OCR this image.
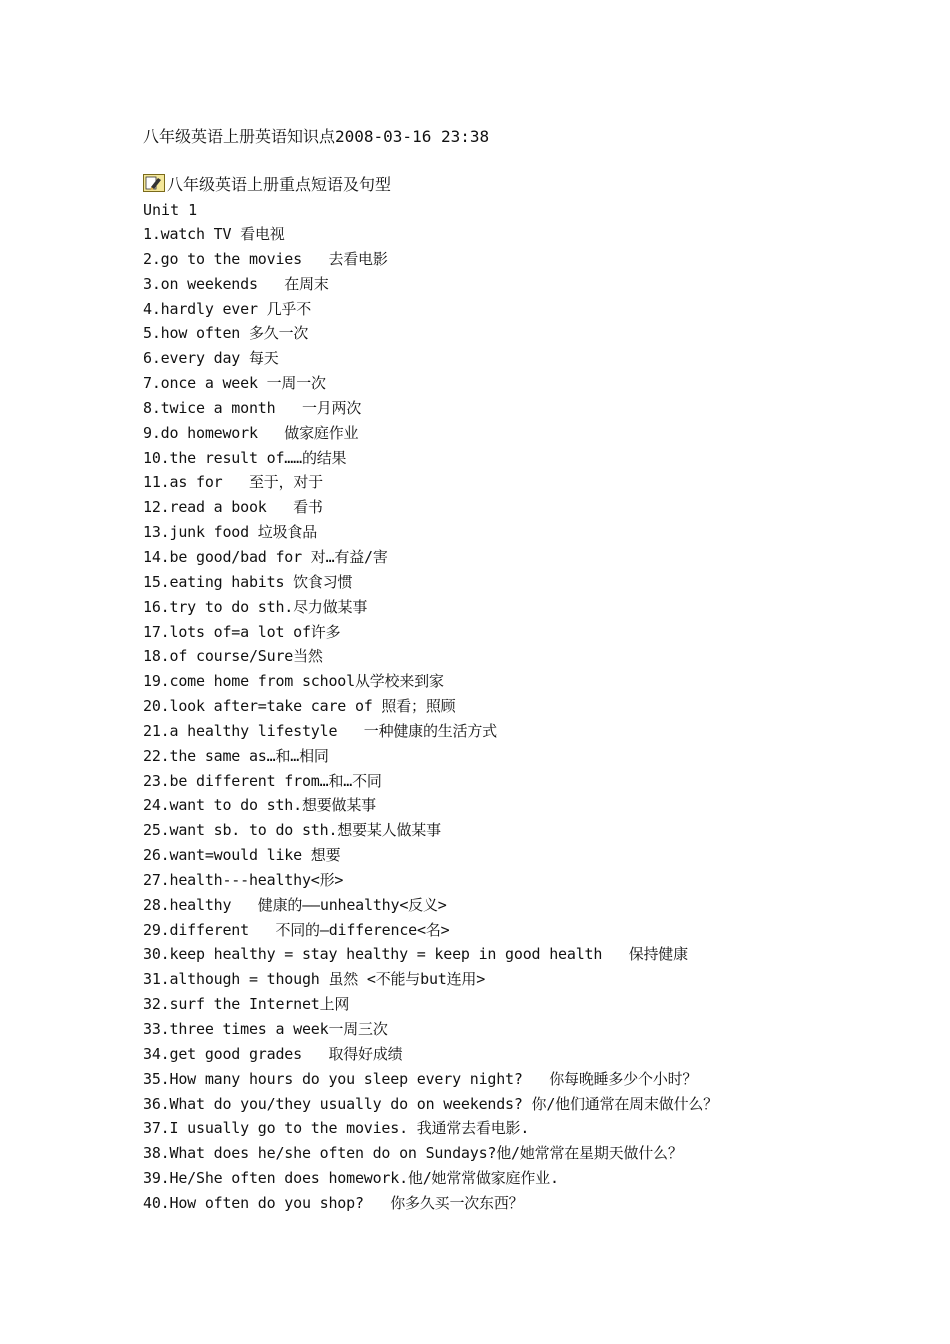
八年级英语上册英语知识点2008-03-16 23:38
八年级英语上册重点短语及句型
Unit 1
1.watch TV 看电视
2.go to the movies   去看电影
3.on weekends   在周末
4.hardly ever 几乎不
5.how often 多久一次
6.every day 每天
7.once a week 一周一次
8.twice a month   一月两次
9.do homework   做家庭作业
10.the result of……的结果
11.as for   至于，对于
12.read a book   看书
13.junk food 垃圾食品
14.be good/bad for 对…有益/害
15.eating habits 饮食习惯
16.try to do sth.尽力做某事
17.lots of=a lot of许多
18.of course/Sure当然
19.come home from school从学校来到家
20.look after=take care of 照看；照顾
21.a healthy lifestyle   一种健康的生活方式
22.the same as…和…相同
23.be different from…和…不同
24.want to do sth.想要做某事
25.want sb. to do sth.想要某人做某事
26.want=would like 想要
27.health---healthy<形>
28.healthy   健康的——unhealthy<反义>
29.different   不同的—difference<名>
30.keep healthy = stay healthy = keep in good health   保持健康
31.although = though 虽然 <不能与but连用>
32.surf the Internet上网
33.three times a week一周三次
34.get good grades   取得好成绩
35.How many hours do you sleep every night?   你每晚睡多少个小时？
36.What do you/they usually do on weekends? 你/他们通常在周末做什么？
37.I usually go to the movies. 我通常去看电影.
38.What does he/she often do on Sundays?他/她常常在星期天做什么？
39.He/She often does homework.他/她常常做家庭作业.
40.How often do you shop?   你多久买一次东西？
